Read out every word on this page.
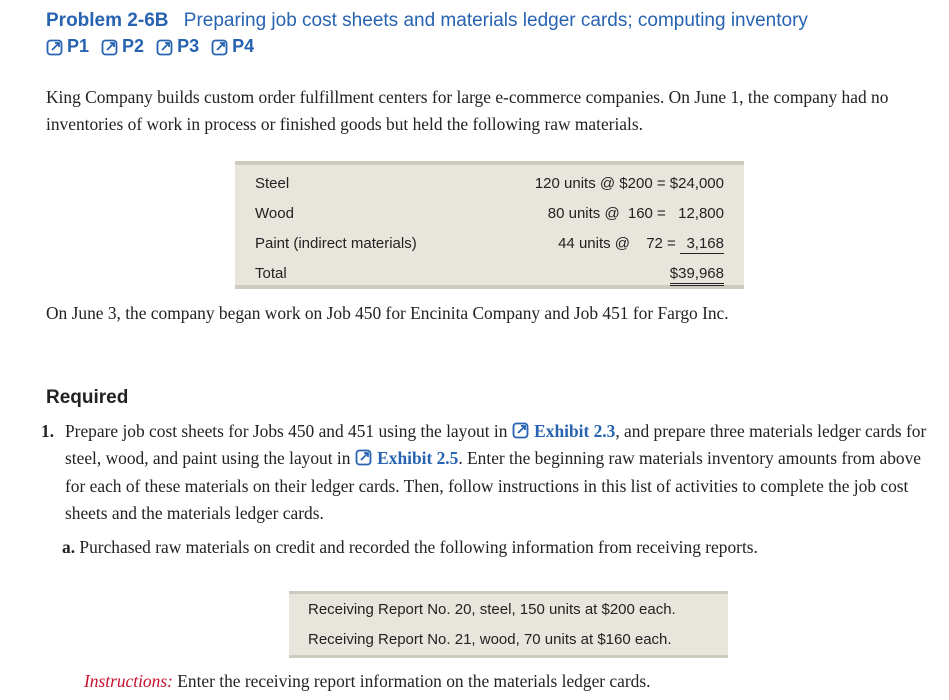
Problem 2-6B Preparing job cost sheets and materials ledger cards; computing inventory
P1 P2 P3 P4
King Company builds custom order fulfillment centers for large e-commerce companies. On June 1, the company had no inventories of work in process or finished goods but held the following raw materials.
Steel	120 units @ $200 = $24,000
Wood	80 units @ 160 = 12,800
Paint (indirect materials)	44 units @ 72 = 3,168
Total	$39,968
On June 3, the company began work on Job 450 for Encinita Company and Job 451 for Fargo Inc.
Required
1. Prepare job cost sheets for Jobs 450 and 451 using the layout in Exhibit 2.3, and prepare three materials ledger cards for steel, wood, and paint using the layout in Exhibit 2.5. Enter the beginning raw materials inventory amounts from above for each of these materials on their ledger cards. Then, follow instructions in this list of activities to complete the job cost sheets and the materials ledger cards.
a. Purchased raw materials on credit and recorded the following information from receiving reports.
Receiving Report No. 20, steel, 150 units at $200 each.
Receiving Report No. 21, wood, 70 units at $160 each.
Instructions: Enter the receiving report information on the materials ledger cards.
